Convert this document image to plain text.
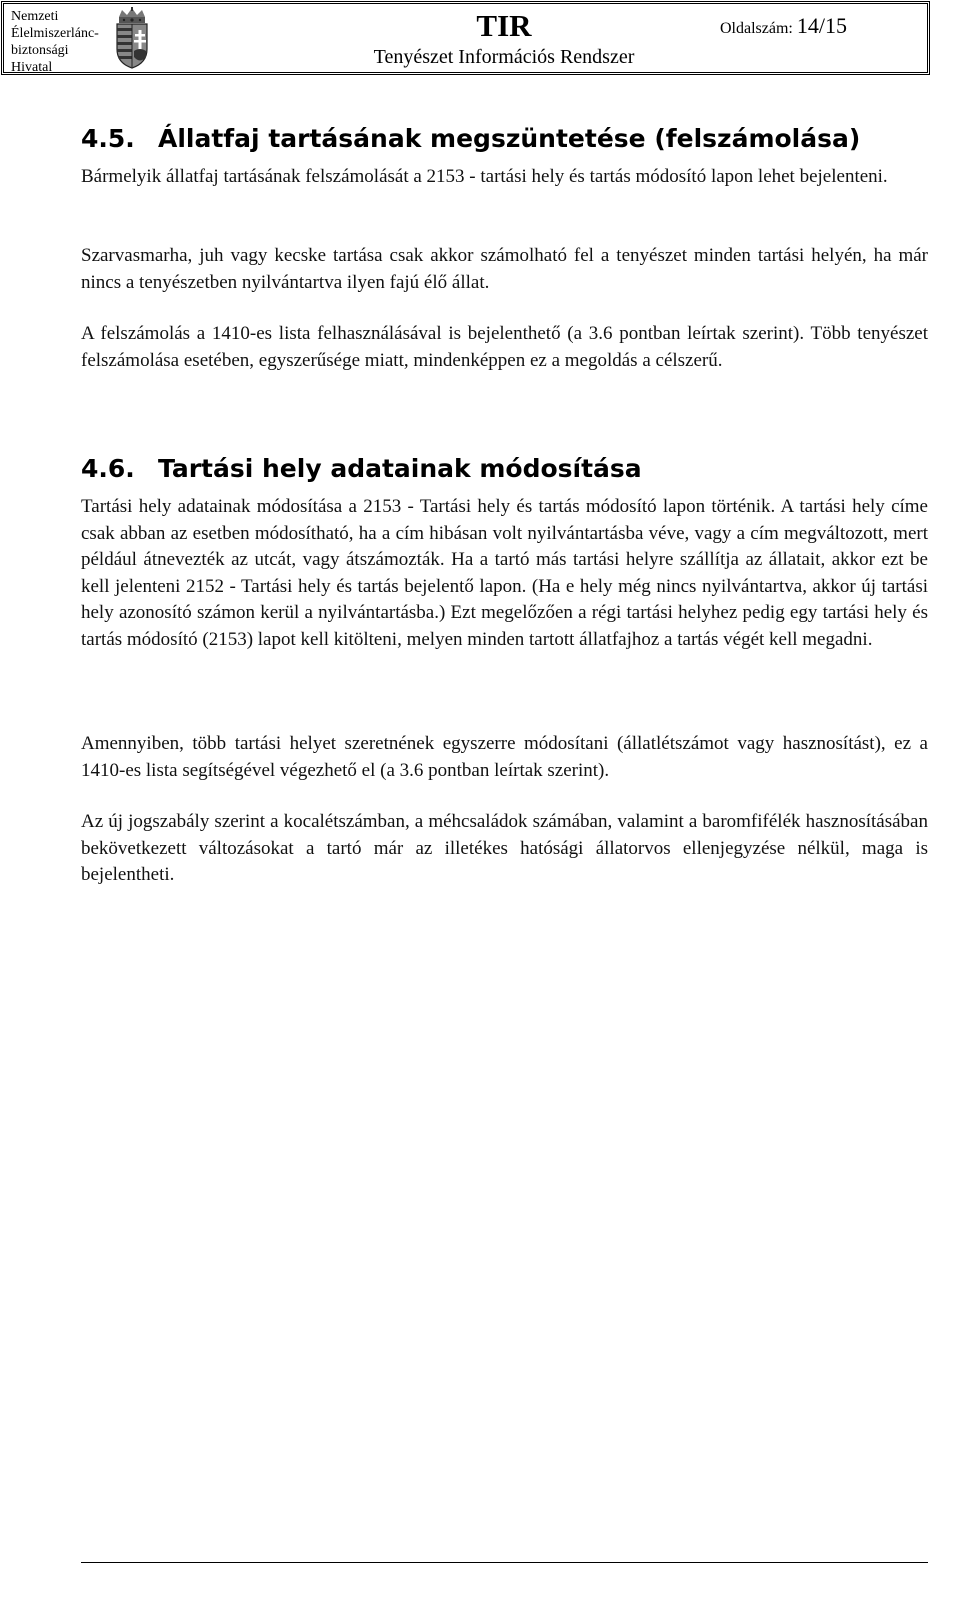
Nemzeti
Élelmiszerlánc-
biztonsági
Hivatal
TIR
Tenyészet Információs Rendszer
Oldalszám: 14/15
4.5. Állatfaj tartásának megszüntetése (felszámolása)

Bármelyik állatfaj tartásának felszámolását a 2153 - tartási hely és tartás módosító lapon lehet bejelenteni.

Szarvasmarha, juh vagy kecske tartása csak akkor számolható fel a tenyészet minden tartási helyén, ha már nincs a tenyészetben nyilvántartva ilyen fajú élő állat.

A felszámolás a 1410-es lista felhasználásával is bejelenthető (a 3.6 pontban leírtak szerint). Több tenyészet felszámolása esetében, egyszerűsége miatt, mindenképpen ez a megoldás a célszerű.

4.6. Tartási hely adatainak módosítása

Tartási hely adatainak módosítása a 2153 - Tartási hely és tartás módosító lapon történik. A tartási hely címe csak abban az esetben módosítható, ha a cím hibásan volt nyilvántartásba véve, vagy a cím megváltozott, mert például átnevezték az utcát, vagy átszámozták. Ha a tartó más tartási helyre szállítja az állatait, akkor ezt be kell jelenteni 2152 - Tartási hely és tartás bejelentő lapon. (Ha e hely még nincs nyilvántartva, akkor új tartási hely azonosító számon kerül a nyilvántartásba.) Ezt megelőzően a régi tartási helyhez pedig egy tartási hely és tartás módosító (2153) lapot kell kitölteni, melyen minden tartott állatfajhoz a tartás végét kell megadni.

Amennyiben, több tartási helyet szeretnének egyszerre módosítani (állatlétszámot vagy hasznosítást), ez a 1410-es lista segítségével végezhető el (a 3.6 pontban leírtak szerint).

Az új jogszabály szerint a kocalétszámban, a méhcsaládok számában, valamint a baromfifélék hasznosításában bekövetkezett változásokat a tartó már az illetékes hatósági állatorvos ellenjegyzése nélkül, maga is bejelentheti.
